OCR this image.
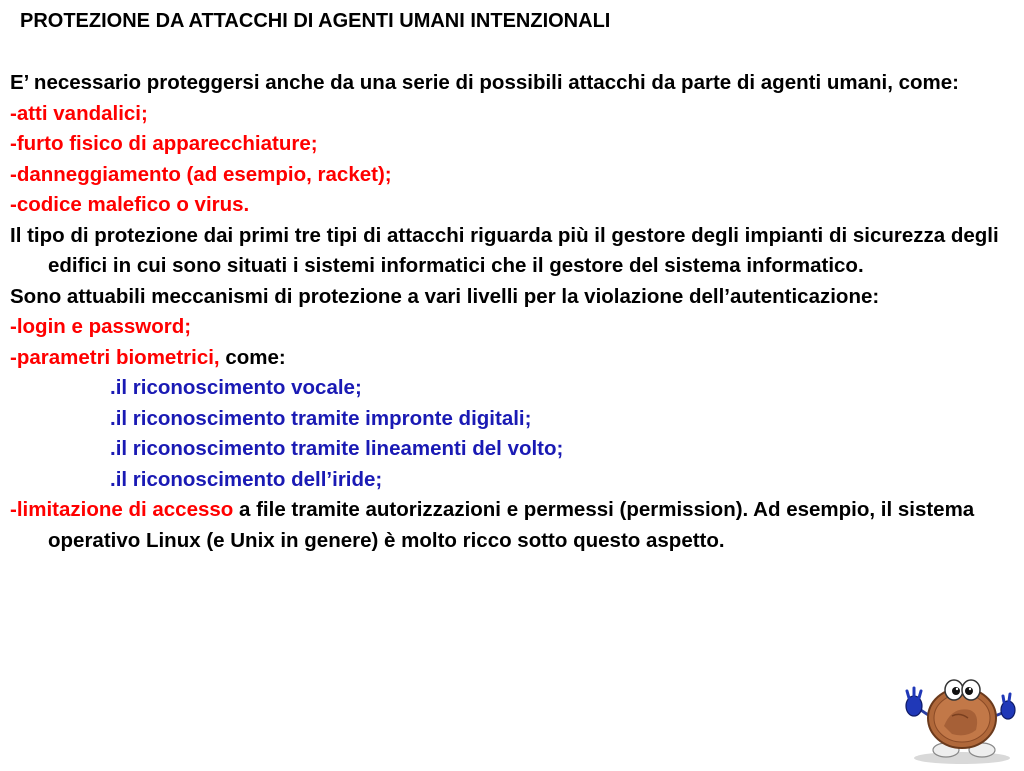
PROTEZIONE DA ATTACCHI DI AGENTI UMANI INTENZIONALI

E’ necessario proteggersi anche da una serie di possibili attacchi da parte di agenti umani, come:

-atti vandalici;

-furto fisico di apparecchiature;

-danneggiamento (ad esempio, racket);

-codice malefico o virus.

Il tipo di protezione dai primi tre tipi di attacchi riguarda più il gestore degli impianti di sicurezza degli edifici in cui sono situati i sistemi informatici che il gestore del sistema informatico.

Sono attuabili meccanismi di protezione a vari livelli per la violazione dell’autenticazione:

-login e password;

-parametri biometrici, come:

.il riconoscimento vocale;

.il riconoscimento tramite impronte digitali;

.il riconoscimento tramite lineamenti del volto;

.il riconoscimento dell’iride;

-limitazione di accesso a file tramite autorizzazioni e permessi (permission). Ad esempio, il sistema operativo Linux (e Unix in genere) è molto ricco sotto questo aspetto.
